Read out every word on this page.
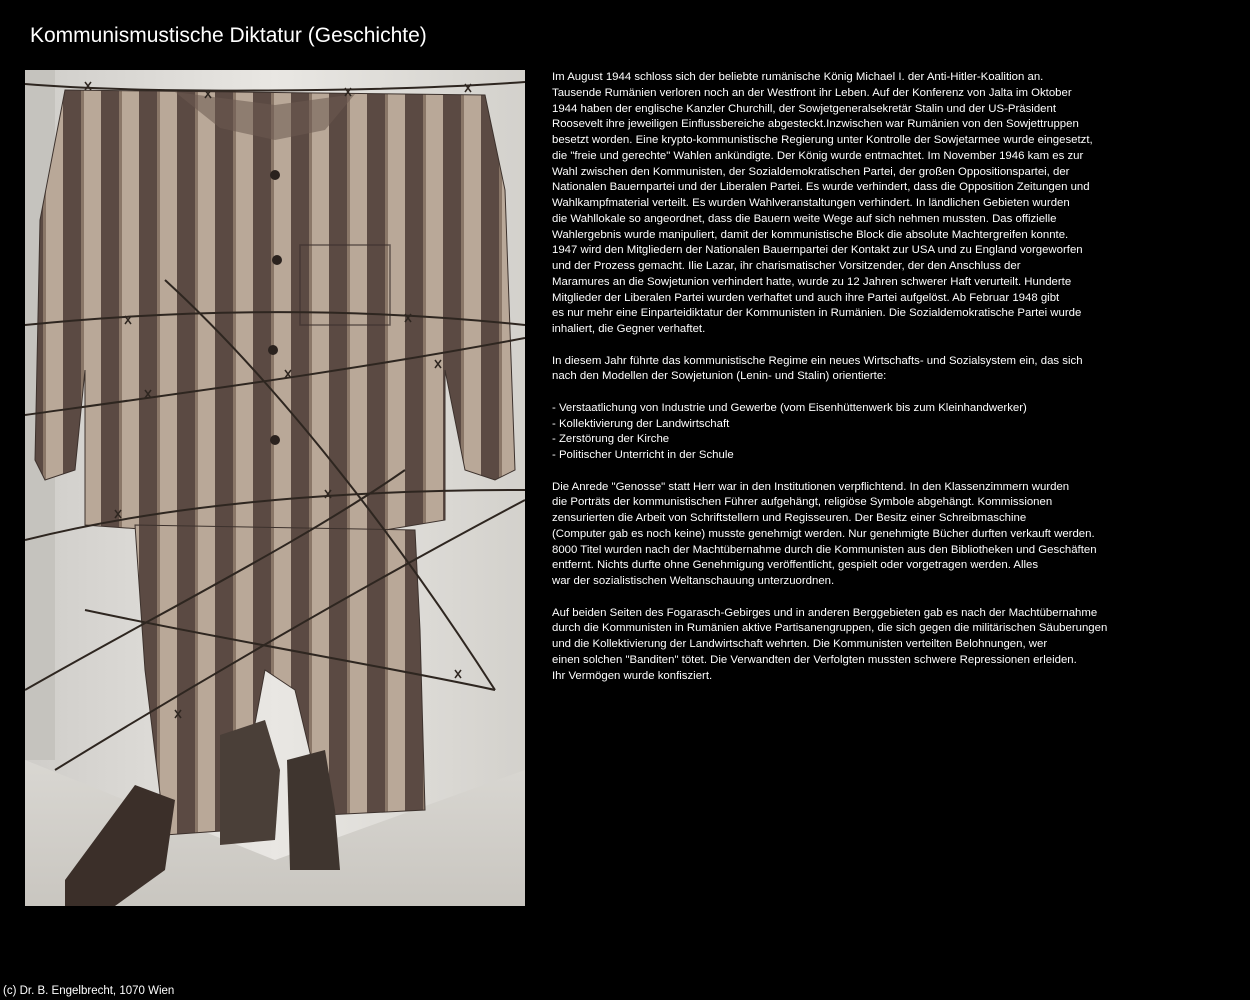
Kommunismustische Diktatur (Geschichte)

Im August 1944 schloss sich der beliebte rumänische König Michael I. der Anti-Hitler-Koalition an.
Tausende Rumänien verloren noch an der Westfront ihr Leben. Auf der Konferenz von Jalta im Oktober
1944 haben der englische Kanzler Churchill, der Sowjetgeneralsekretär Stalin und der US-Präsident
Roosevelt ihre jeweiligen Einflussbereiche abgesteckt.Inzwischen war Rumänien von den Sowjettruppen
besetzt worden. Eine krypto-kommunistische Regierung unter Kontrolle der Sowjetarmee wurde eingesetzt,
die "freie und gerechte" Wahlen ankündigte. Der König wurde entmachtet. Im November 1946 kam es zur
Wahl zwischen den Kommunisten, der Sozialdemokratischen Partei, der großen Oppositionspartei, der
Nationalen Bauernpartei und der Liberalen Partei. Es wurde verhindert, dass die Opposition Zeitungen und
Wahlkampfmaterial verteilt. Es wurden Wahlveranstaltungen verhindert. In ländlichen Gebieten wurden
die Wahllokale so angeordnet, dass die Bauern weite Wege auf sich nehmen mussten. Das offizielle
Wahlergebnis wurde manipuliert, damit der kommunistische Block die absolute Machtergreifen konnte.
1947 wird den Mitgliedern der Nationalen Bauernpartei der Kontakt zur USA und zu England vorgeworfen
und der Prozess gemacht. Ilie Lazar, ihr charismatischer Vorsitzender, der den Anschluss der
Maramures an die Sowjetunion verhindert hatte, wurde zu 12 Jahren schwerer Haft verurteilt. Hunderte
Mitglieder der Liberalen Partei wurden verhaftet und auch ihre Partei aufgelöst. Ab Februar 1948 gibt
es nur mehr eine Einparteidiktatur der Kommunisten in Rumänien. Die Sozialdemokratische Partei wurde
inhaliert, die Gegner verhaftet.

In diesem Jahr führte das kommunistische Regime ein neues Wirtschafts- und Sozialsystem ein, das sich
nach den Modellen der Sowjetunion (Lenin- und Stalin) orientierte:

- Verstaatlichung von Industrie und Gewerbe (vom Eisenhüttenwerk bis zum Kleinhandwerker)
- Kollektivierung der Landwirtschaft
- Zerstörung der Kirche
- Politischer Unterricht in der Schule

Die Anrede "Genosse" statt Herr war in den Institutionen verpflichtend. In den Klassenzimmern wurden
die Porträts der kommunistischen Führer aufgehängt, religiöse Symbole abgehängt. Kommissionen
zensurierten die Arbeit von Schriftstellern und Regisseuren. Der Besitz einer Schreibmaschine
(Computer gab es noch keine) musste genehmigt werden. Nur genehmigte Bücher durften verkauft werden.
8000 Titel wurden nach der Machtübernahme durch die Kommunisten aus den Bibliotheken und Geschäften
entfernt. Nichts durfte ohne Genehmigung veröffentlicht, gespielt oder vorgetragen werden. Alles
war der sozialistischen Weltanschauung unterzuordnen.

Auf beiden Seiten des Fogarasch-Gebirges und in anderen Berggebieten gab es nach der Machtübernahme
durch die Kommunisten in Rumänien aktive Partisanengruppen, die sich gegen die militärischen Säuberungen
und die Kollektivierung der Landwirtschaft wehrten. Die Kommunisten verteilten Belohnungen, wer
einen solchen "Banditen" tötet. Die Verwandten der Verfolgten mussten schwere Repressionen erleiden.
Ihr Vermögen wurde konfisziert.

(c) Dr. B. Engelbrecht, 1070 Wien
